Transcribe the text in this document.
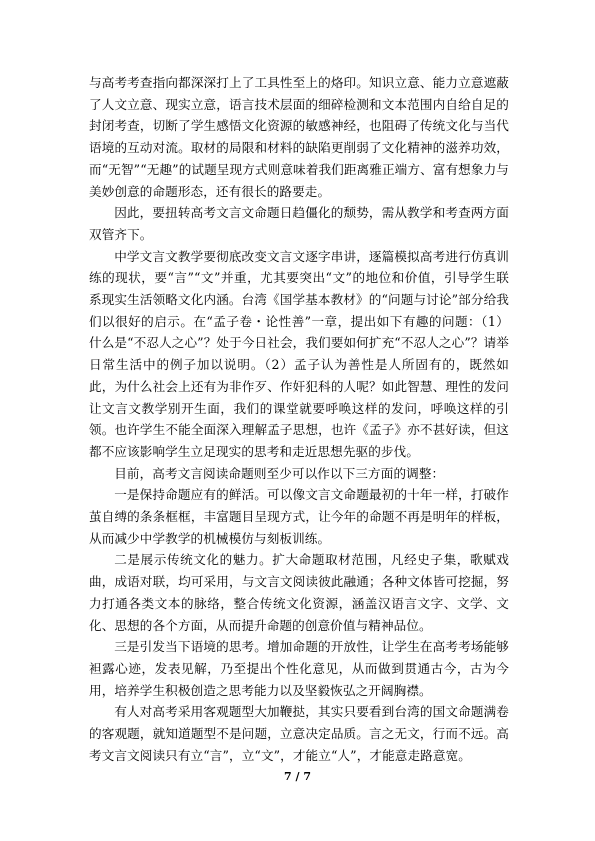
与高考考查指向都深深打上了工具性至上的烙印。知识立意、能力立意遮蔽了人文立意、现实立意，语言技术层面的细碎检测和文本范围内自给自足的封闭考查，切断了学生感悟文化资源的敏感神经，也阻碍了传统文化与当代语境的互动对流。取材的局限和材料的缺陷更削弱了文化精神的滋养功效，而“无智”“无趣”的试题呈现方式则意味着我们距离雅正端方、富有想象力与美妙创意的命题形态，还有很长的路要走。

因此，要扭转高考文言文命题日趋僵化的颓势，需从教学和考查两方面双管齐下。

中学文言文教学要彻底改变文言文逐字串讲，逐篇模拟高考进行仿真训练的现状，要“言”“文”并重，尤其要突出“文”的地位和价值，引导学生联系现实生活领略文化内涵。台湾《国学基本教材》的“问题与讨论”部分给我们以很好的启示。在“孟子卷・论性善”一章，提出如下有趣的问题：（1）什么是“不忍人之心”？处于今日社会，我们要如何扩充“不忍人之心”？请举日常生活中的例子加以说明。（2）孟子认为善性是人所固有的，既然如此，为什么社会上还有为非作歹、作奸犯科的人呢？如此智慧、理性的发问让文言文教学别开生面，我们的课堂就要呼唤这样的发问，呼唤这样的引领。也许学生不能全面深入理解孟子思想，也许《孟子》亦不甚好读，但这都不应该影响学生立足现实的思考和走近思想先驱的步伐。

目前，高考文言阅读命题则至少可以作以下三方面的调整：

一是保持命题应有的鲜活。可以像文言文命题最初的十年一样，打破作茧自缚的条条框框，丰富题目呈现方式，让今年的命题不再是明年的样板，从而减少中学教学的机械模仿与刻板训练。

二是展示传统文化的魅力。扩大命题取材范围，凡经史子集，歌赋戏曲，成语对联，均可采用，与文言文阅读彼此融通；各种文体皆可挖掘，努力打通各类文本的脉络，整合传统文化资源，涵盖汉语言文字、文学、文化、思想的各个方面，从而提升命题的创意价值与精神品位。

三是引发当下语境的思考。增加命题的开放性，让学生在高考考场能够袒露心迹，发表见解，乃至提出个性化意见，从而做到贯通古今，古为今用，培养学生积极创造之思考能力以及坚毅恢弘之开阔胸襟。

有人对高考采用客观题型大加鞭挞，其实只要看到台湾的国文命题满卷的客观题，就知道题型不是问题，立意决定品质。言之无文，行而不远。高考文言文阅读只有立“言”，立“文”，才能立“人”，才能意走路意宽。

7 / 7
